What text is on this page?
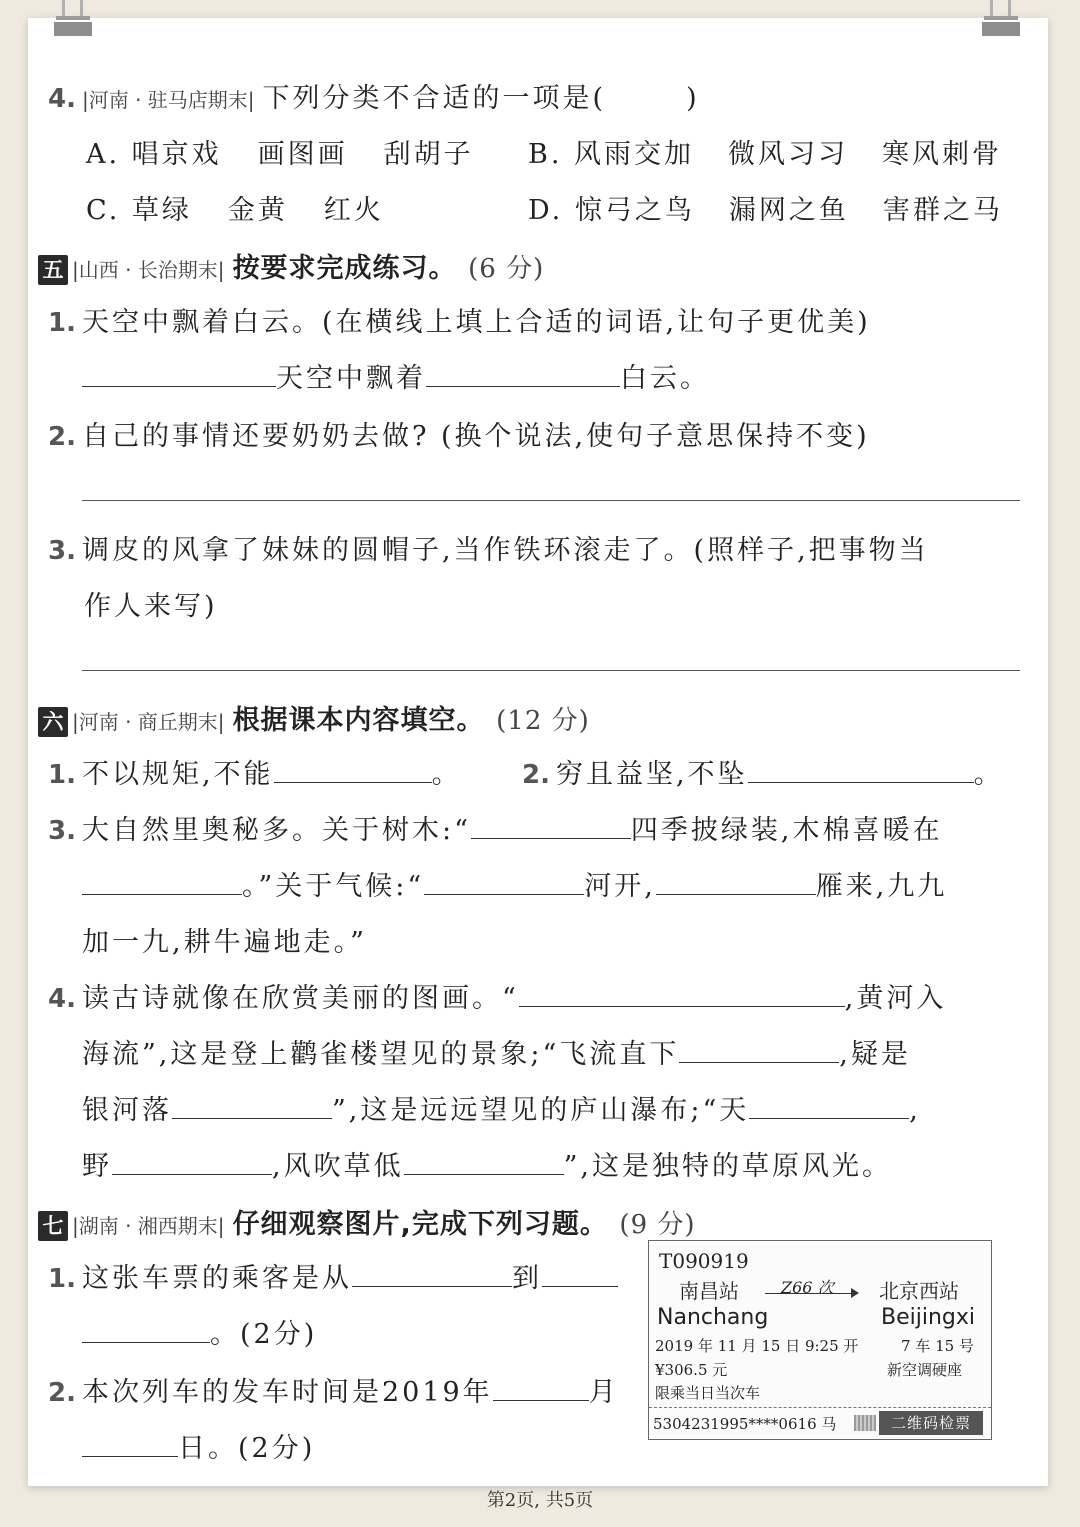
4. |河南 · 驻马店期末| 下列分类不合适的一项是(	)
A. 唱京戏 画图画 刮胡子 B. 风雨交加 微风习习 寒风刺骨
C. 草绿 金黄 红火	D. 惊弓之鸟 漏网之鱼 害群之马
五 |山西 · 长治期末| 按要求完成练习。 (6 分)
1. 天空中飘着白云。(在横线上填上合适的词语,让句子更优美)
天空中飘着	白云。
2. 自己的事情还要奶奶去做? (换个说法,使句子意思保持不变)
3. 调皮的风拿了妹妹的圆帽子,当作铁环滚走了。(照样子,把事物当
作人来写)
六 |河南 · 商丘期末| 根据课本内容填空。 (12 分)
1. 不以规矩,不能	。 2. 穷且益坚,不坠	。
3. 大自然里奥秘多。关于树木:“	四季披绿装,木棉喜暖在
。”关于气候:“	河开,	雁来,九九
加一九,耕牛遍地走。”
4. 读古诗就像在欣赏美丽的图画。“	,黄河入
海流”,这是登上鹳雀楼望见的景象;“飞流直下	,疑是
银河落	”,这是远远望见的庐山瀑布;“天	,
野	,风吹草低	”,这是独特的草原风光。
七 |湖南 · 湘西期末| 仔细观察图片,完成下列习题。 (9 分)
1. 这张车票的乘客是从	到
。(2分)
2. 本次列车的发车时间是2019年	月
日。(2分)
T090919
南昌站	Z66 次 北京西站
Nanchang	Beijingxi
2019 年 11 月 15 日 9:25 开	7 车 15 号
¥306.5 元	新空调硬座
限乘当日当次车
5304231995****0616 马	二维码检票
第2页, 共5页
